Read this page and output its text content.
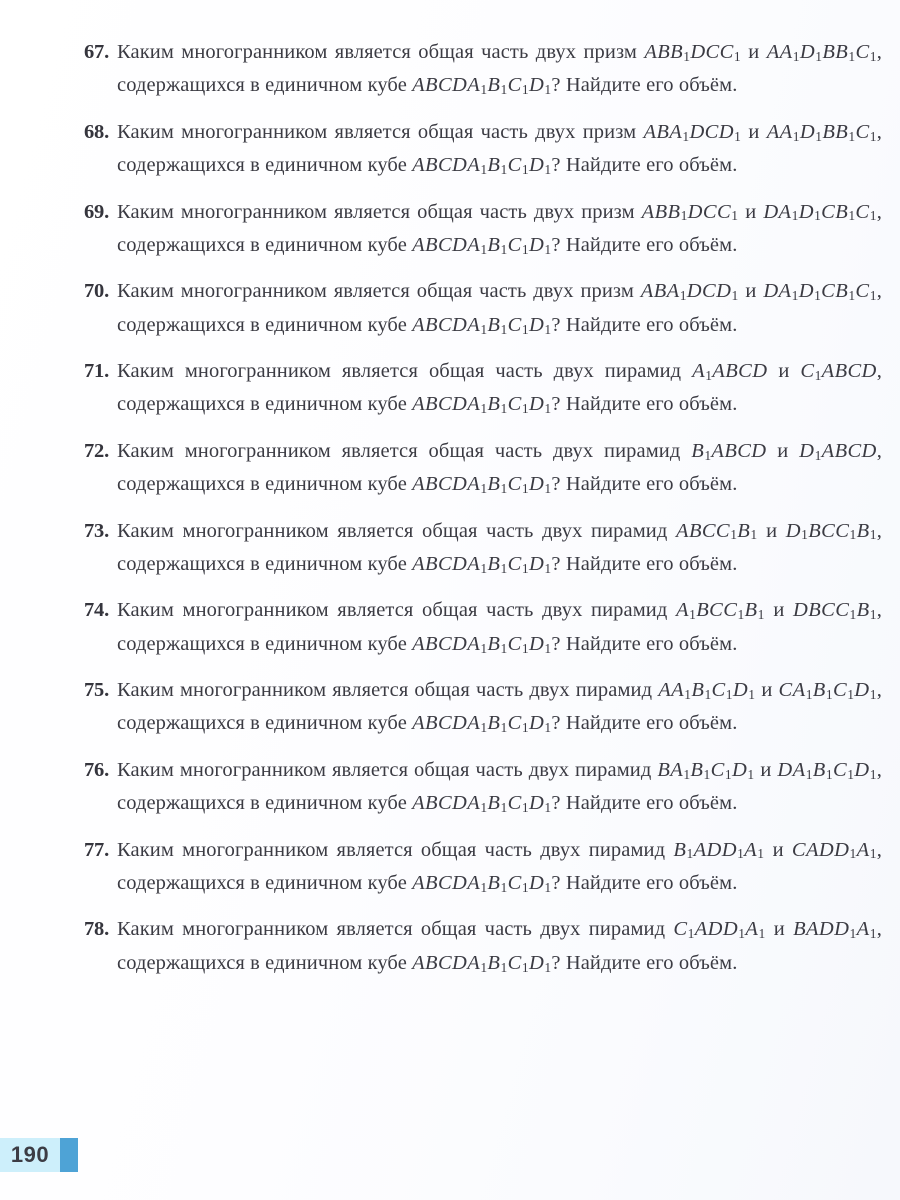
67. Каким многогранником является общая часть двух призм $ABB_1DCC_1$ и $AA_1D_1BB_1C_1$, содержащихся в единичном кубе $ABCDA_1B_1C_1D_1$? Найдите его объём.
68. Каким многогранником является общая часть двух призм $ABA_1DCD_1$ и $AA_1D_1BB_1C_1$, содержащихся в единичном кубе $ABCDA_1B_1C_1D_1$? Найдите его объём.
69. Каким многогранником является общая часть двух призм $ABB_1DCC_1$ и $DA_1D_1CB_1C_1$, содержащихся в единичном кубе $ABCDA_1B_1C_1D_1$? Найдите его объём.
70. Каким многогранником является общая часть двух призм $ABA_1DCD_1$ и $DA_1D_1CB_1C_1$, содержащихся в единичном кубе $ABCDA_1B_1C_1D_1$? Найдите его объём.
71. Каким многогранником является общая часть двух пирамид $A_1ABCD$ и $C_1ABCD$, содержащихся в единичном кубе $ABCDA_1B_1C_1D_1$? Найдите его объём.
72. Каким многогранником является общая часть двух пирамид $B_1ABCD$ и $D_1ABCD$, содержащихся в единичном кубе $ABCDA_1B_1C_1D_1$? Найдите его объём.
73. Каким многогранником является общая часть двух пирамид $ABCC_1B_1$ и $D_1BCC_1B_1$, содержащихся в единичном кубе $ABCDA_1B_1C_1D_1$? Найдите его объём.
74. Каким многогранником является общая часть двух пирамид $A_1BCC_1B_1$ и $DBCC_1B_1$, содержащихся в единичном кубе $ABCDA_1B_1C_1D_1$? Найдите его объём.
75. Каким многогранником является общая часть двух пирамид $AA_1B_1C_1D_1$ и $CA_1B_1C_1D_1$, содержащихся в единичном кубе $ABCDA_1B_1C_1D_1$? Найдите его объём.
76. Каким многогранником является общая часть двух пирамид $BA_1B_1C_1D_1$ и $DA_1B_1C_1D_1$, содержащихся в единичном кубе $ABCDA_1B_1C_1D_1$? Найдите его объём.
77. Каким многогранником является общая часть двух пирамид $B_1ADD_1A_1$ и $CADD_1A_1$, содержащихся в единичном кубе $ABCDA_1B_1C_1D_1$? Найдите его объём.
78. Каким многогранником является общая часть двух пирамид $C_1ADD_1A_1$ и $BADD_1A_1$, содержащихся в единичном кубе $ABCDA_1B_1C_1D_1$? Найдите его объём.
190
